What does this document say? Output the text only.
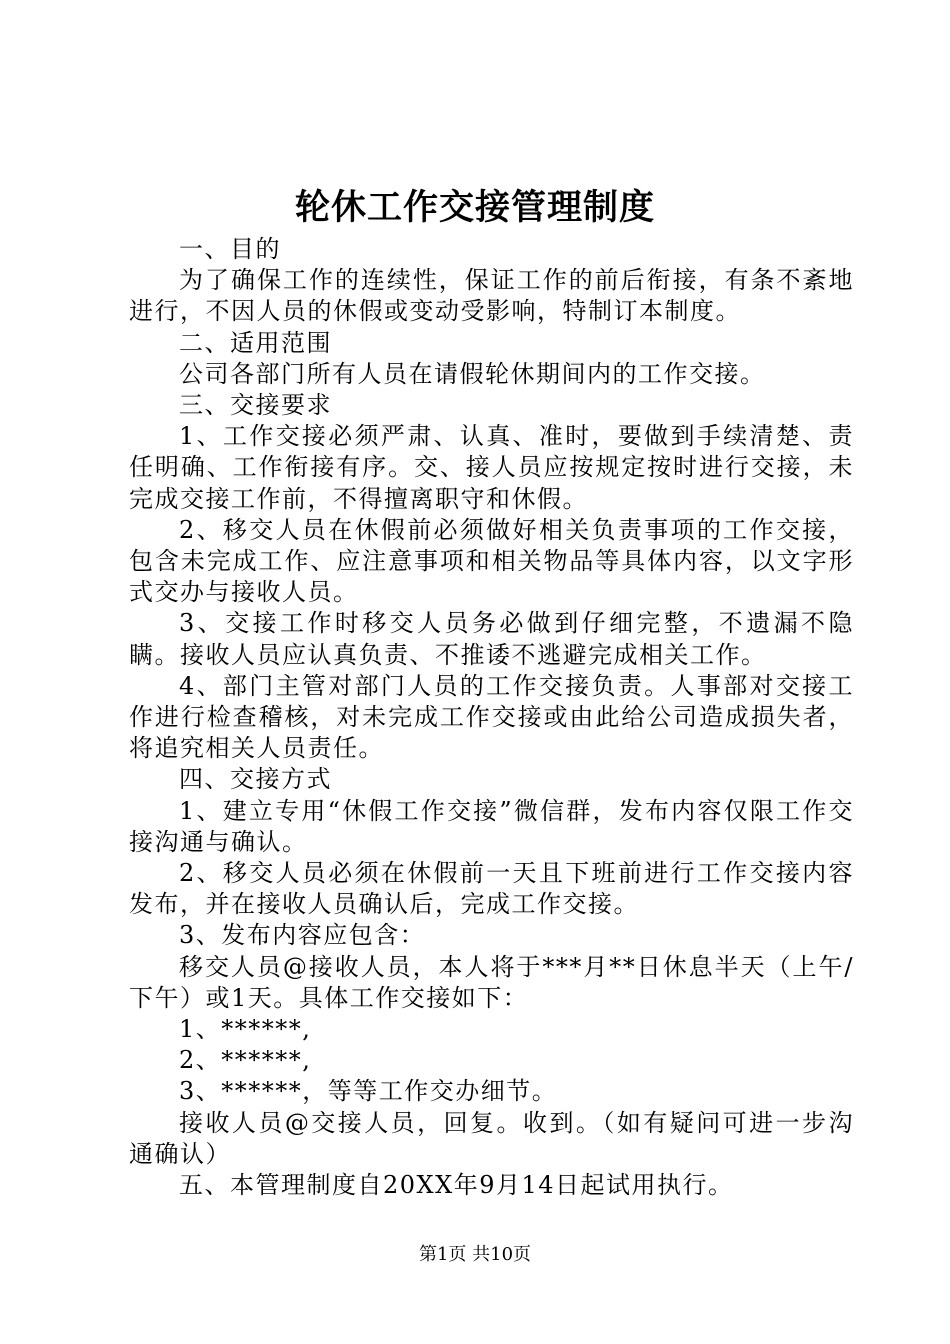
轮休工作交接管理制度

一、目的

为了确保工作的连续性，保证工作的前后衔接，有条不紊地进行，不因人员的休假或变动受影响，特制订本制度。

二、适用范围

公司各部门所有人员在请假轮休期间内的工作交接。

三、交接要求

1、工作交接必须严肃、认真、准时，要做到手续清楚、责任明确、工作衔接有序。交、接人员应按规定按时进行交接，未完成交接工作前，不得擅离职守和休假。

2、移交人员在休假前必须做好相关负责事项的工作交接，包含未完成工作、应注意事项和相关物品等具体内容，以文字形式交办与接收人员。

3、交接工作时移交人员务必做到仔细完整，不遗漏不隐瞒。接收人员应认真负责、不推诿不逃避完成相关工作。

4、部门主管对部门人员的工作交接负责。人事部对交接工作进行检查稽核，对未完成工作交接或由此给公司造成损失者，将追究相关人员责任。

四、交接方式

1、建立专用“休假工作交接”微信群，发布内容仅限工作交接沟通与确认。

2、移交人员必须在休假前一天且下班前进行工作交接内容发布，并在接收人员确认后，完成工作交接。

3、发布内容应包含：

移交人员@接收人员，本人将于***月**日休息半天（上午/下午）或1天。具体工作交接如下：

1、******,

2、******,

3、******，等等工作交办细节。

接收人员@交接人员，回复。收到。（如有疑问可进一步沟通确认）

五、本管理制度自20XX年9月14日起试用执行。

第1页 共10页
